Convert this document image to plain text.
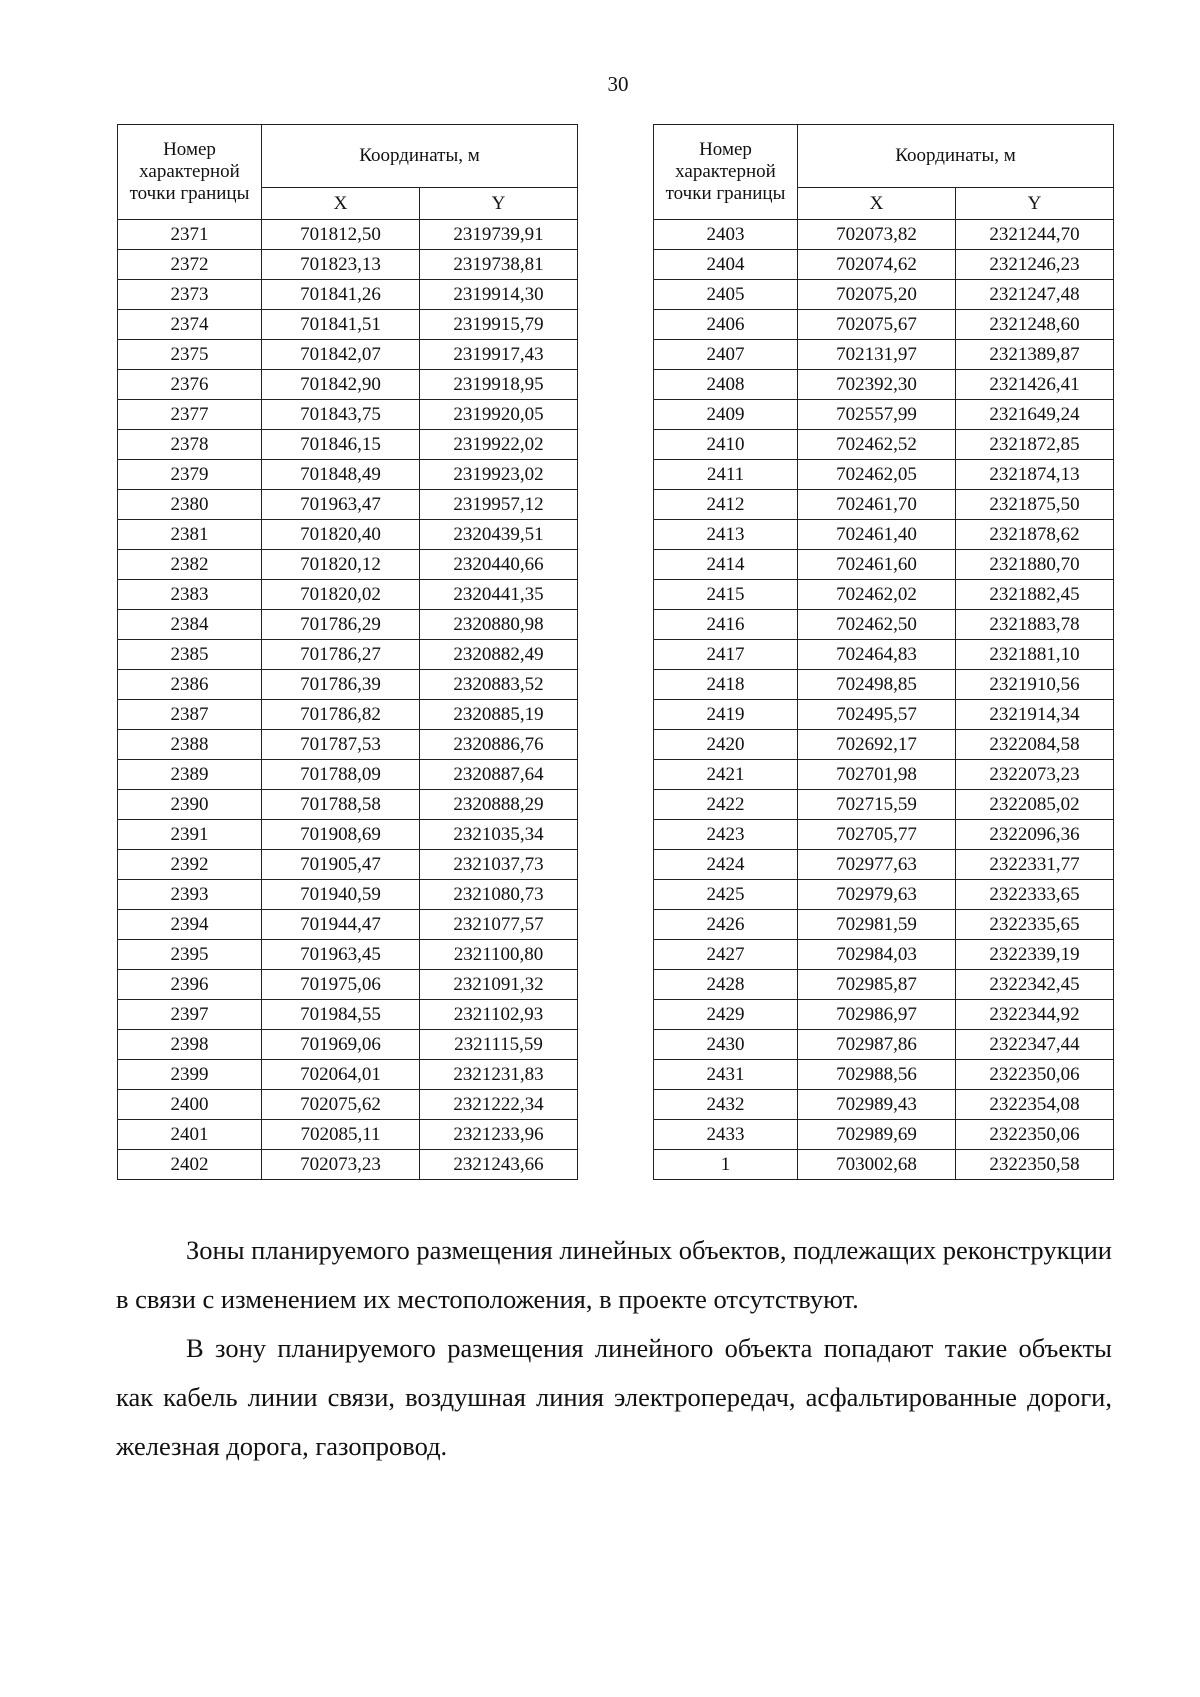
30
Номер характерной точки границы	Координаты, м	
	X	Y
2371	701812,50	2319739,91
2372	701823,13	2319738,81
2373	701841,26	2319914,30
2374	701841,51	2319915,79
2375	701842,07	2319917,43
2376	701842,90	2319918,95
2377	701843,75	2319920,05
2378	701846,15	2319922,02
2379	701848,49	2319923,02
2380	701963,47	2319957,12
2381	701820,40	2320439,51
2382	701820,12	2320440,66
2383	701820,02	2320441,35
2384	701786,29	2320880,98
2385	701786,27	2320882,49
2386	701786,39	2320883,52
2387	701786,82	2320885,19
2388	701787,53	2320886,76
2389	701788,09	2320887,64
2390	701788,58	2320888,29
2391	701908,69	2321035,34
2392	701905,47	2321037,73
2393	701940,59	2321080,73
2394	701944,47	2321077,57
2395	701963,45	2321100,80
2396	701975,06	2321091,32
2397	701984,55	2321102,93
2398	701969,06	2321115,59
2399	702064,01	2321231,83
2400	702075,62	2321222,34
2401	702085,11	2321233,96
2402	702073,23	2321243,66
Номер характерной точки границы	Координаты, м	
	X	Y
2403	702073,82	2321244,70
2404	702074,62	2321246,23
2405	702075,20	2321247,48
2406	702075,67	2321248,60
2407	702131,97	2321389,87
2408	702392,30	2321426,41
2409	702557,99	2321649,24
2410	702462,52	2321872,85
2411	702462,05	2321874,13
2412	702461,70	2321875,50
2413	702461,40	2321878,62
2414	702461,60	2321880,70
2415	702462,02	2321882,45
2416	702462,50	2321883,78
2417	702464,83	2321881,10
2418	702498,85	2321910,56
2419	702495,57	2321914,34
2420	702692,17	2322084,58
2421	702701,98	2322073,23
2422	702715,59	2322085,02
2423	702705,77	2322096,36
2424	702977,63	2322331,77
2425	702979,63	2322333,65
2426	702981,59	2322335,65
2427	702984,03	2322339,19
2428	702985,87	2322342,45
2429	702986,97	2322344,92
2430	702987,86	2322347,44
2431	702988,56	2322350,06
2432	702989,43	2322354,08
2433	702989,69	2322350,06
1	703002,68	2322350,58

Зоны планируемого размещения линейных объектов, подлежащих реконструкции в связи с изменением их местоположения, в проекте отсутствуют.

В зону планируемого размещения линейного объекта попадают такие объекты как кабель линии связи, воздушная линия электропередач, асфальтированные дороги, железная дорога, газопровод.
